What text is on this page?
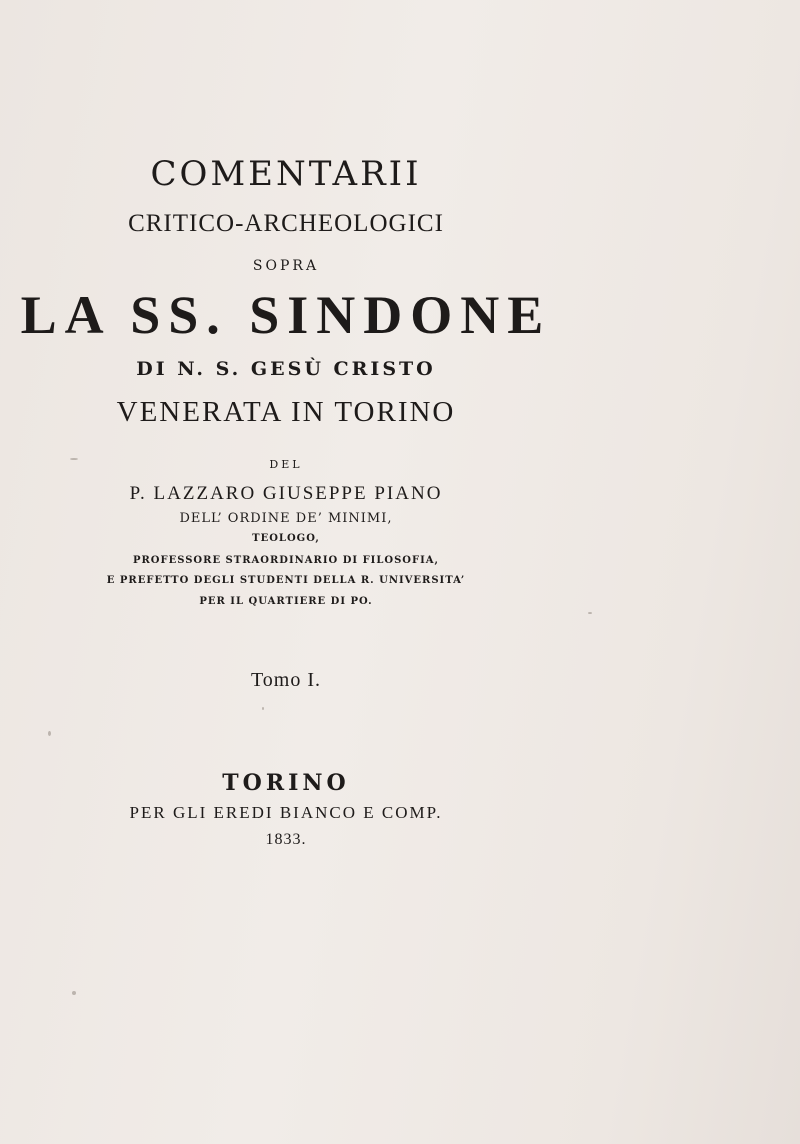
COMENTARII
CRITICO-ARCHEOLOGICI
SOPRA
LA SS. SINDONE
DI N. S. GESÙ CRISTO
VENERATA IN TORINO
DEL
P. LAZZARO GIUSEPPE PIANO
DELL’ ORDINE DE’ MINIMI,
TEOLOGO,
PROFESSORE STRAORDINARIO DI FILOSOFIA,
E PREFETTO DEGLI STUDENTI DELLA R. UNIVERSITA’
PER IL QUARTIERE DI PO.
Tomo I.
TORINO
PER GLI EREDI BIANCO E COMP.
1833.
